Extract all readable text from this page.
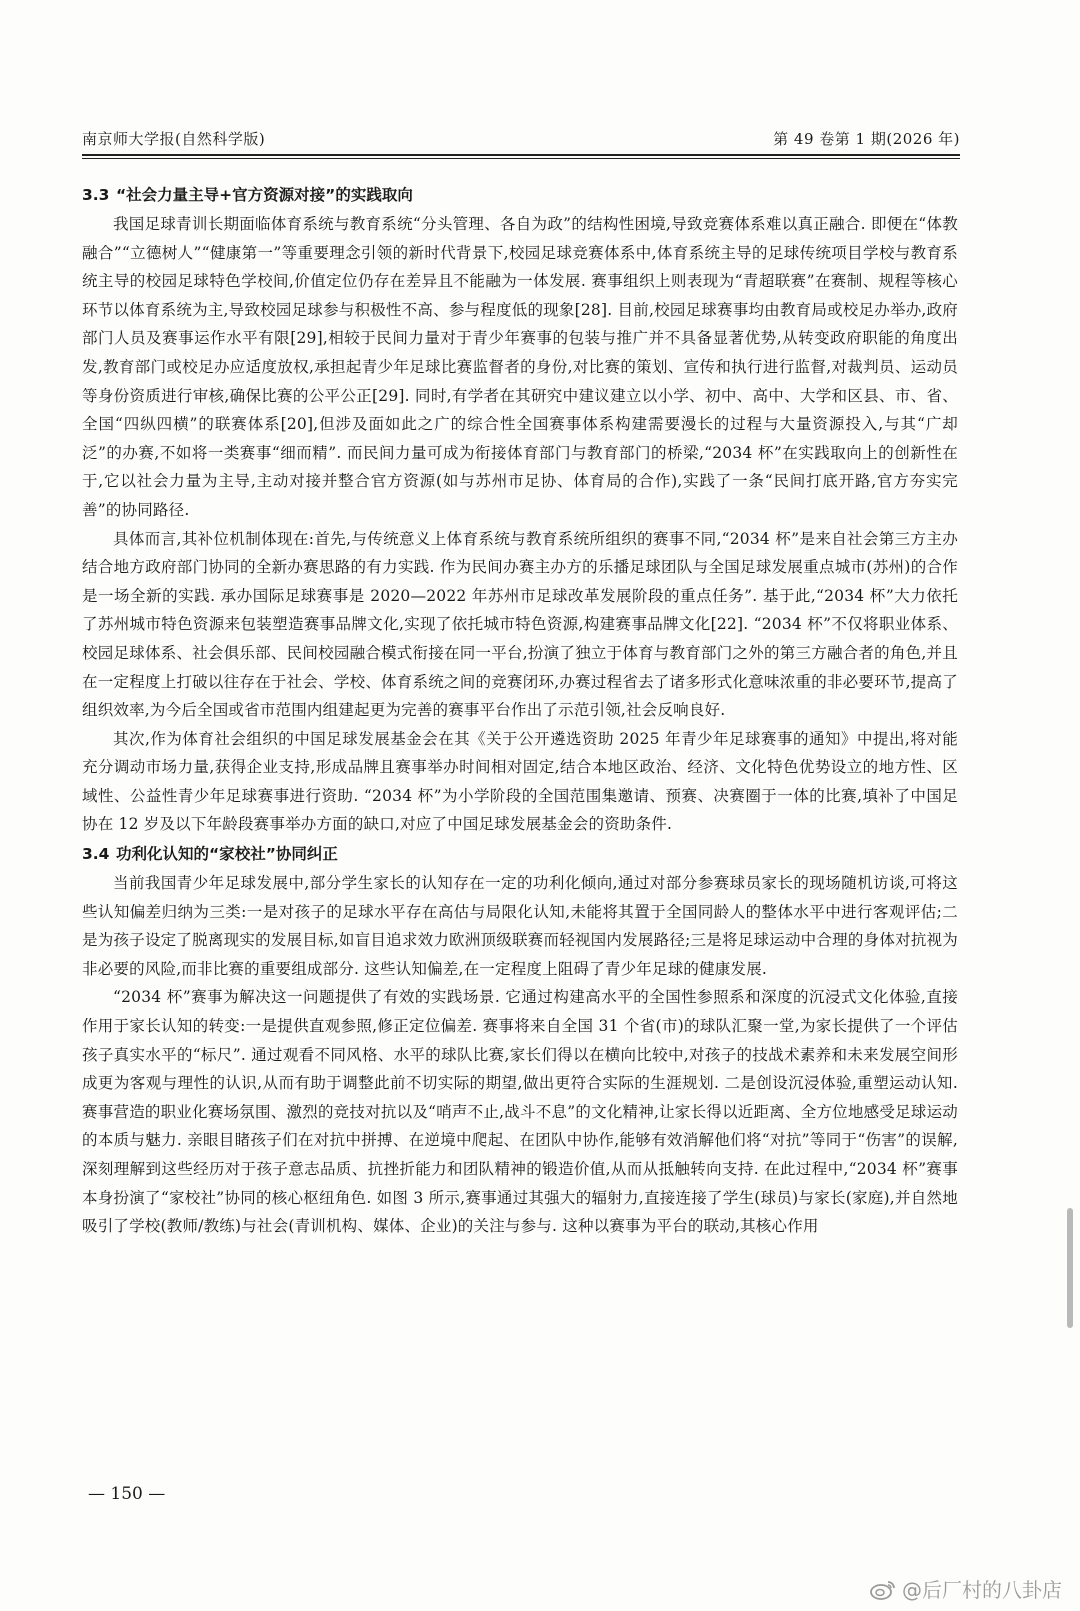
南京师大学报(自然科学版)	第 49 卷第 1 期(2026 年)
3.3 “社会力量主导+官方资源对接”的实践取向

我国足球青训长期面临体育系统与教育系统“分头管理、各自为政”的结构性困境,导致竞赛体系难以真正融合. 即便在“体教融合”“立德树人”“健康第一”等重要理念引领的新时代背景下,校园足球竞赛体系中,体育系统主导的足球传统项目学校与教育系统主导的校园足球特色学校间,价值定位仍存在差异且不能融为一体发展. 赛事组织上则表现为“青超联赛”在赛制、规程等核心环节以体育系统为主,导致校园足球参与积极性不高、参与程度低的现象[28]. 目前,校园足球赛事均由教育局或校足办举办,政府部门人员及赛事运作水平有限[29],相较于民间力量对于青少年赛事的包装与推广并不具备显著优势,从转变政府职能的角度出发,教育部门或校足办应适度放权,承担起青少年足球比赛监督者的身份,对比赛的策划、宣传和执行进行监督,对裁判员、运动员等身份资质进行审核,确保比赛的公平公正[29]. 同时,有学者在其研究中建议建立以小学、初中、高中、大学和区县、市、省、全国“四纵四横”的联赛体系[20],但涉及面如此之广的综合性全国赛事体系构建需要漫长的过程与大量资源投入,与其“广却泛”的办赛,不如将一类赛事“细而精”. 而民间力量可成为衔接体育部门与教育部门的桥梁,“2034 杯”在实践取向上的创新性在于,它以社会力量为主导,主动对接并整合官方资源(如与苏州市足协、体育局的合作),实践了一条“民间打底开路,官方夯实完善”的协同路径.

具体而言,其补位机制体现在:首先,与传统意义上体育系统与教育系统所组织的赛事不同,“2034 杯”是来自社会第三方主办结合地方政府部门协同的全新办赛思路的有力实践. 作为民间办赛主办方的乐播足球团队与全国足球发展重点城市(苏州)的合作是一场全新的实践. 承办国际足球赛事是 2020—2022 年苏州市足球改革发展阶段的重点任务”. 基于此,“2034 杯”大力依托了苏州城市特色资源来包装塑造赛事品牌文化,实现了依托城市特色资源,构建赛事品牌文化[22]. “2034 杯”不仅将职业体系、校园足球体系、社会俱乐部、民间校园融合模式衔接在同一平台,扮演了独立于体育与教育部门之外的第三方融合者的角色,并且在一定程度上打破以往存在于社会、学校、体育系统之间的竞赛闭环,办赛过程省去了诸多形式化意味浓重的非必要环节,提高了组织效率,为今后全国或省市范围内组建起更为完善的赛事平台作出了示范引领,社会反响良好.

其次,作为体育社会组织的中国足球发展基金会在其《关于公开遴选资助 2025 年青少年足球赛事的通知》中提出,将对能充分调动市场力量,获得企业支持,形成品牌且赛事举办时间相对固定,结合本地区政治、经济、文化特色优势设立的地方性、区域性、公益性青少年足球赛事进行资助. “2034 杯”为小学阶段的全国范围集邀请、预赛、决赛圈于一体的比赛,填补了中国足协在 12 岁及以下年龄段赛事举办方面的缺口,对应了中国足球发展基金会的资助条件.

3.4 功利化认知的“家校社”协同纠正

当前我国青少年足球发展中,部分学生家长的认知存在一定的功利化倾向,通过对部分参赛球员家长的现场随机访谈,可将这些认知偏差归纳为三类:一是对孩子的足球水平存在高估与局限化认知,未能将其置于全国同龄人的整体水平中进行客观评估;二是为孩子设定了脱离现实的发展目标,如盲目追求效力欧洲顶级联赛而轻视国内发展路径;三是将足球运动中合理的身体对抗视为非必要的风险,而非比赛的重要组成部分. 这些认知偏差,在一定程度上阻碍了青少年足球的健康发展.

“2034 杯”赛事为解决这一问题提供了有效的实践场景. 它通过构建高水平的全国性参照系和深度的沉浸式文化体验,直接作用于家长认知的转变:一是提供直观参照,修正定位偏差. 赛事将来自全国 31 个省(市)的球队汇聚一堂,为家长提供了一个评估孩子真实水平的“标尺”. 通过观看不同风格、水平的球队比赛,家长们得以在横向比较中,对孩子的技战术素养和未来发展空间形成更为客观与理性的认识,从而有助于调整此前不切实际的期望,做出更符合实际的生涯规划. 二是创设沉浸体验,重塑运动认知. 赛事营造的职业化赛场氛围、激烈的竞技对抗以及“哨声不止,战斗不息”的文化精神,让家长得以近距离、全方位地感受足球运动的本质与魅力. 亲眼目睹孩子们在对抗中拼搏、在逆境中爬起、在团队中协作,能够有效消解他们将“对抗”等同于“伤害”的误解,深刻理解到这些经历对于孩子意志品质、抗挫折能力和团队精神的锻造价值,从而从抵触转向支持. 在此过程中,“2034 杯”赛事本身扮演了“家校社”协同的核心枢纽角色. 如图 3 所示,赛事通过其强大的辐射力,直接连接了学生(球员)与家长(家庭),并自然地吸引了学校(教师/教练)与社会(青训机构、媒体、企业)的关注与参与. 这种以赛事为平台的联动,其核心作用

— 150 —
@后厂村的八卦店
